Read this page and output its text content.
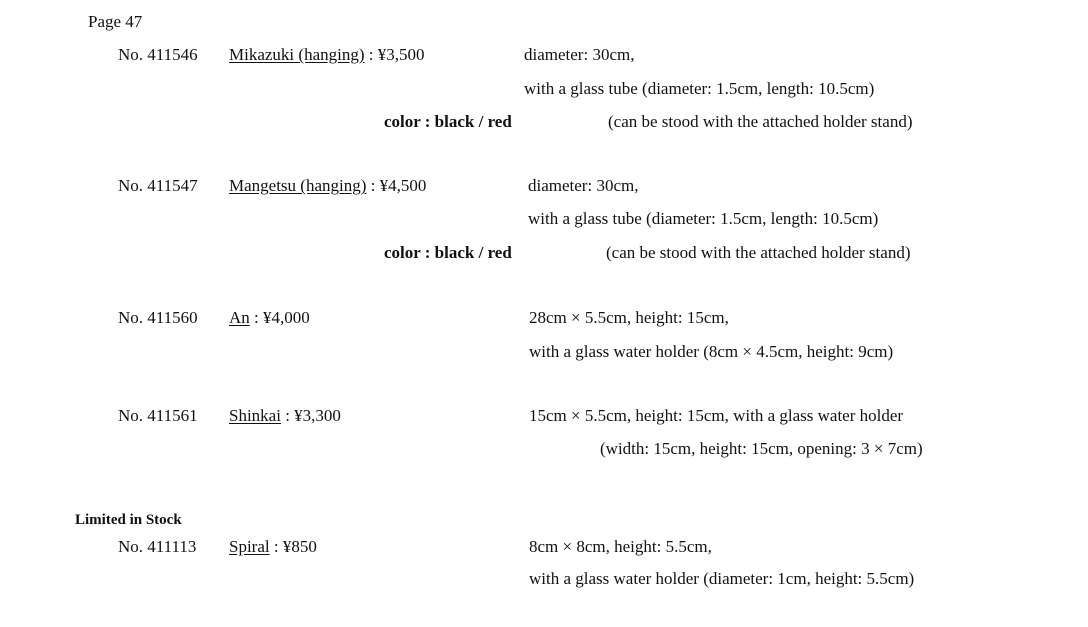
Page 47
No. 411546 Mikazuki (hanging) : ¥3,500	diameter: 30cm,
with a glass tube (diameter: 1.5cm, length: 10.5cm)
color : black / red	(can be stood with the attached holder stand)
No. 411547 Mangetsu (hanging) : ¥4,500	diameter: 30cm,
with a glass tube (diameter: 1.5cm, length: 10.5cm)
color : black / red	(can be stood with the attached holder stand)
No. 411560 An : ¥4,000	28cm × 5.5cm, height: 15cm,
with a glass water holder (8cm × 4.5cm, height: 9cm)
No. 411561 Shinkai : ¥3,300	15cm × 5.5cm, height: 15cm, with a glass water holder
(width: 15cm, height: 15cm, opening: 3 × 7cm)
Limited in Stock
No. 411113 Spiral : ¥850	8cm × 8cm, height: 5.5cm,
with a glass water holder (diameter: 1cm, height: 5.5cm)
